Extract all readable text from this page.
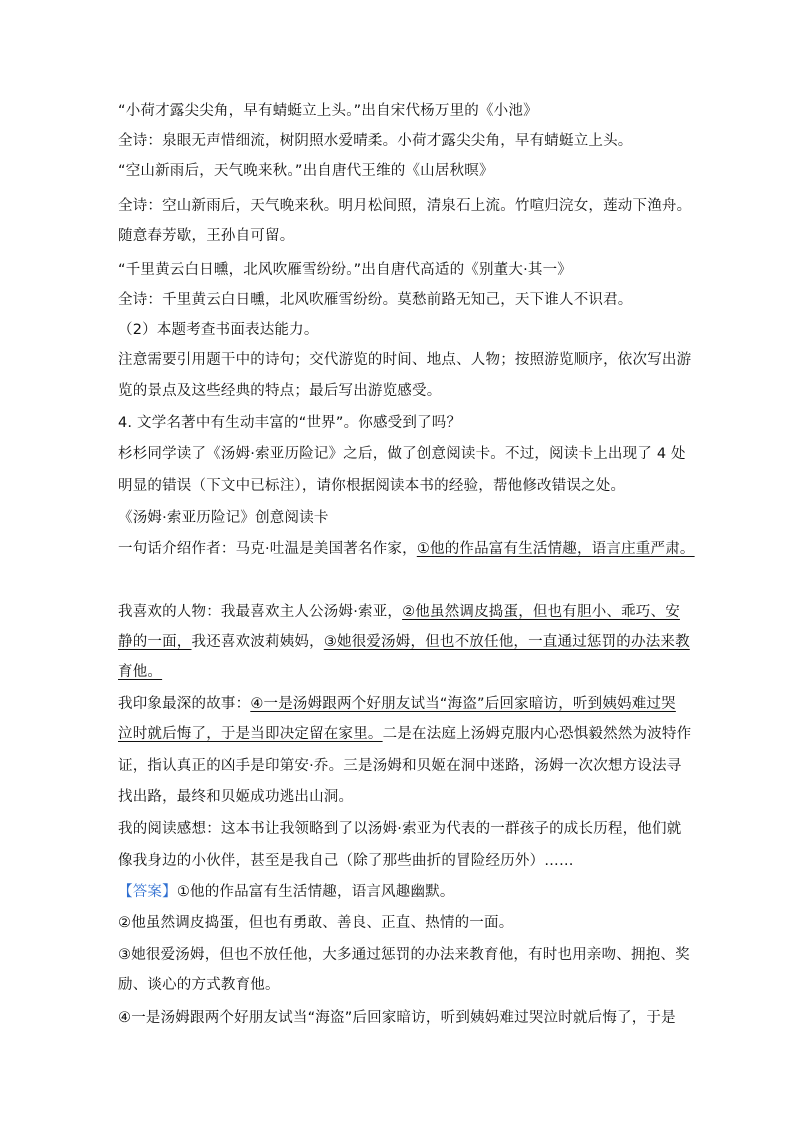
“小荷才露尖尖角，早有蜻蜓立上头。”出自宋代杨万里的《小池》
全诗：泉眼无声惜细流，树阴照水爱晴柔。小荷才露尖尖角，早有蜻蜓立上头。
“空山新雨后，天气晚来秋。”出自唐代王维的《山居秋暝》
全诗：空山新雨后，天气晚来秋。明月松间照，清泉石上流。竹喧归浣女，莲动下渔舟。
随意春芳歇，王孙自可留。
“千里黄云白日曛，北风吹雁雪纷纷。”出自唐代高适的《别董大·其一》
全诗：千里黄云白日曛，北风吹雁雪纷纷。莫愁前路无知己，天下谁人不识君。
（2）本题考查书面表达能力。
注意需要引用题干中的诗句；交代游览的时间、地点、人物；按照游览顺序，依次写出游
览的景点及这些经典的特点；最后写出游览感受。
4. 文学名著中有生动丰富的“世界”。你感受到了吗？
杉杉同学读了《汤姆·索亚历险记》之后，做了创意阅读卡。不过，阅读卡上出现了 4 处
明显的错误（下文中已标注），请你根据阅读本书的经验，帮他修改错误之处。
《汤姆·索亚历险记》创意阅读卡
一句话介绍作者：马克·吐温是美国著名作家，①他的作品富有生活情趣，语言庄重严肃。
我喜欢的人物：我最喜欢主人公汤姆·索亚，②他虽然调皮捣蛋，但也有胆小、乖巧、安
静的一面，我还喜欢波莉姨妈，③她很爱汤姆，但也不放任他，一直通过惩罚的办法来教
育他。
我印象最深的故事：④一是汤姆跟两个好朋友试当“海盗”后回家暗访，听到姨妈难过哭
泣时就后悔了，于是当即决定留在家里。二是在法庭上汤姆克服内心恐惧毅然然为波特作
证，指认真正的凶手是印第安·乔。三是汤姆和贝姬在洞中迷路，汤姆一次次想方设法寻
找出路，最终和贝姬成功逃出山洞。
我的阅读感想：这本书让我领略到了以汤姆·索亚为代表的一群孩子的成长历程，他们就
像我身边的小伙伴，甚至是我自己（除了那些曲折的冒险经历外）……
【答案】①他的作品富有生活情趣，语言风趣幽默。
②他虽然调皮捣蛋，但也有勇敢、善良、正直、热情的一面。
③她很爱汤姆，但也不放任他，大多通过惩罚的办法来教育他，有时也用亲吻、拥抱、奖
励、谈心的方式教育他。
④一是汤姆跟两个好朋友试当“海盗”后回家暗访，听到姨妈难过哭泣时就后悔了，于是
